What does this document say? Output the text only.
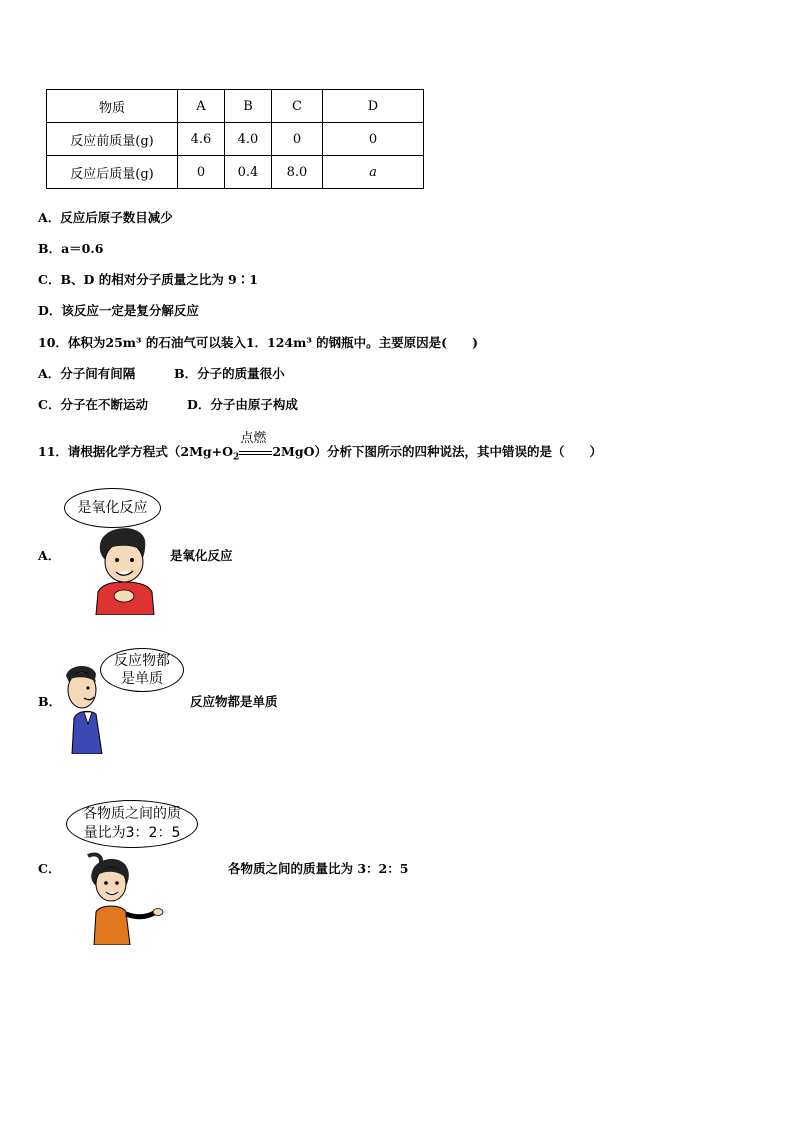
物质	A	B	C	D
反应前质量(g)	4.6	4.0	0	0
反应后质量(g)	0	0.4	8.0	a
A．反应后原子数目减少
B．a＝0.6
C．B、D 的相对分子质量之比为 9∶1
D．该反应一定是复分解反应
10．体积为25m³ 的石油气可以装入1．124m³ 的钢瓶中。主要原因是(　　)
A．分子间有间隔	B．分子的质量很小
C．分子在不断运动	D．分子由原子构成
11．请根据化学方程式（$2Mg+O_2$
点燃
2MgO）分析下图所示的四种说法，其中错误的是（　　）
A．
是氧化反应
是氧化反应
B．
反应物都
是单质
反应物都是单质
C．
各物质之间的质
量比为3：2：5
各物质之间的质量比为 3：2：5
